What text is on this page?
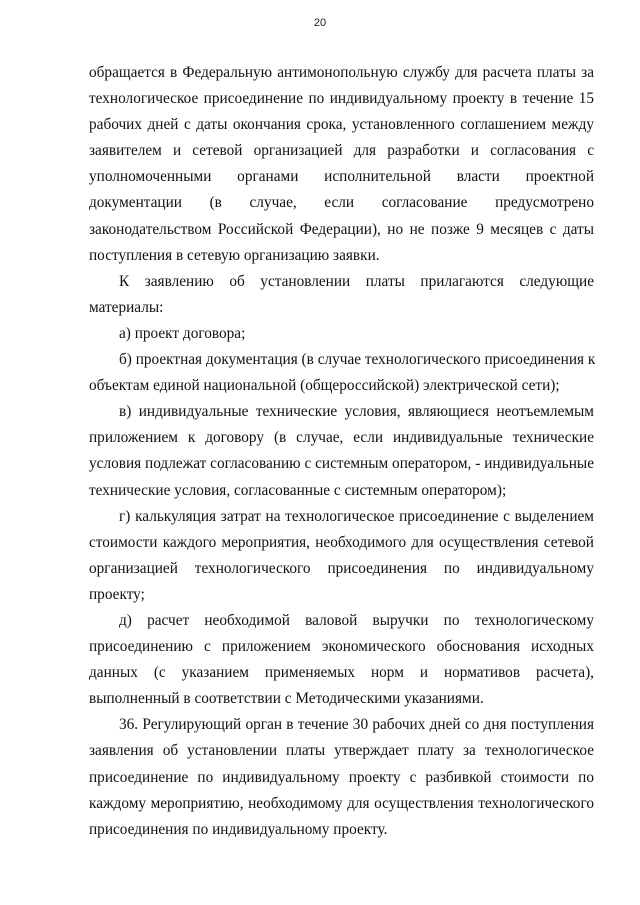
20

обращается в Федеральную антимонопольную службу для расчета платы за
технологическое присоединение по индивидуальному проекту в течение 15
рабочих дней с даты окончания срока, установленного соглашением между
заявителем и сетевой организацией для разработки и согласования с
уполномоченными органами исполнительной власти проектной
документации (в случае, если согласование предусмотрено
законодательством Российской Федерации), но не позже 9 месяцев с даты
поступления в сетевую организацию заявки.

К заявлению об установлении платы прилагаются следующие
материалы:

а) проект договора;

б) проектная документация (в случае технологического присоединения к
объектам единой национальной (общероссийской) электрической сети);

в) индивидуальные технические условия, являющиеся неотъемлемым
приложением к договору (в случае, если индивидуальные технические
условия подлежат согласованию с системным оператором, - индивидуальные
технические условия, согласованные с системным оператором);

г) калькуляция затрат на технологическое присоединение с выделением
стоимости каждого мероприятия, необходимого для осуществления сетевой
организацией технологического присоединения по индивидуальному
проекту;

д) расчет необходимой валовой выручки по технологическому
присоединению с приложением экономического обоснования исходных
данных (с указанием применяемых норм и нормативов расчета),
выполненный в соответствии с Методическими указаниями.

36. Регулирующий орган в течение 30 рабочих дней со дня поступления
заявления об установлении платы утверждает плату за технологическое
присоединение по индивидуальному проекту с разбивкой стоимости по
каждому мероприятию, необходимому для осуществления технологического
присоединения по индивидуальному проекту.
